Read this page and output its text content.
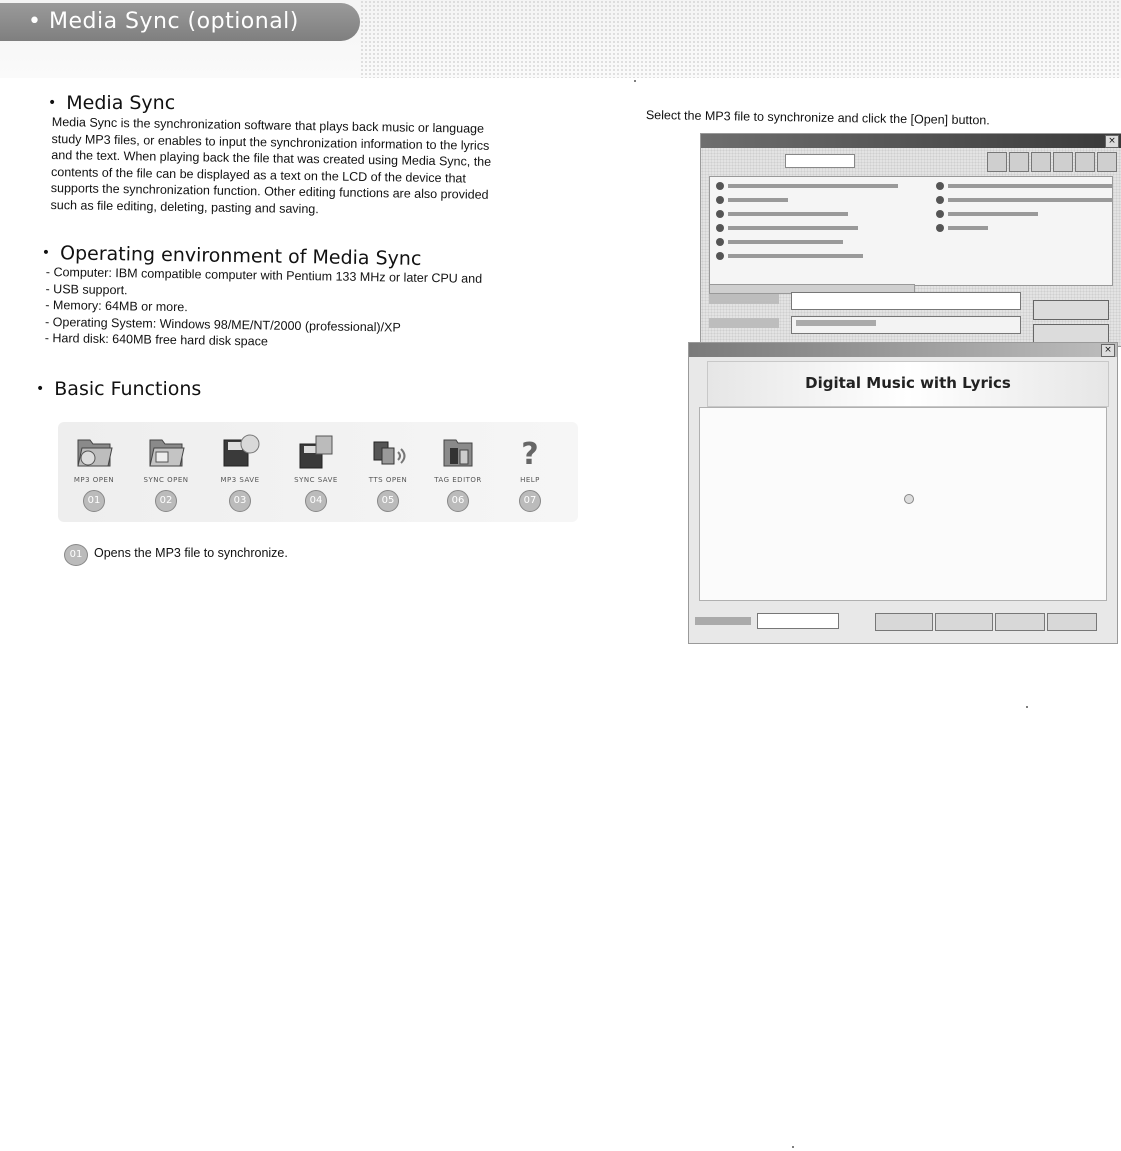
• Media Sync (optional)
• Media Sync
Media Sync is the synchronization software that plays back music or language
study MP3 files, or enables to input the synchronization information to the lyrics
and the text. When playing back the file that was created using Media Sync, the
contents of the file can be displayed as a text on the LCD of the device that
supports the synchronization function. Other editing functions are also provided
such as file editing, deleting, pasting and saving.
• Operating environment of Media Sync
- Computer: IBM compatible computer with Pentium 133 MHz or later CPU and
- USB support.
- Memory: 64MB or more.
- Operating System: Windows 98/ME/NT/2000 (professional)/XP
- Hard disk: 640MB free hard disk space
• Basic Functions
MP3 OPEN
01
SYNC OPEN
02
MP3 SAVE
03
SYNC SAVE
04
TTS OPEN
05
TAG EDITOR
06
?
HELP
07
01 Opens the MP3 file to synchronize.
Select the MP3 file to synchronize and click the [Open] button.
×
×
Digital Music with Lyrics
